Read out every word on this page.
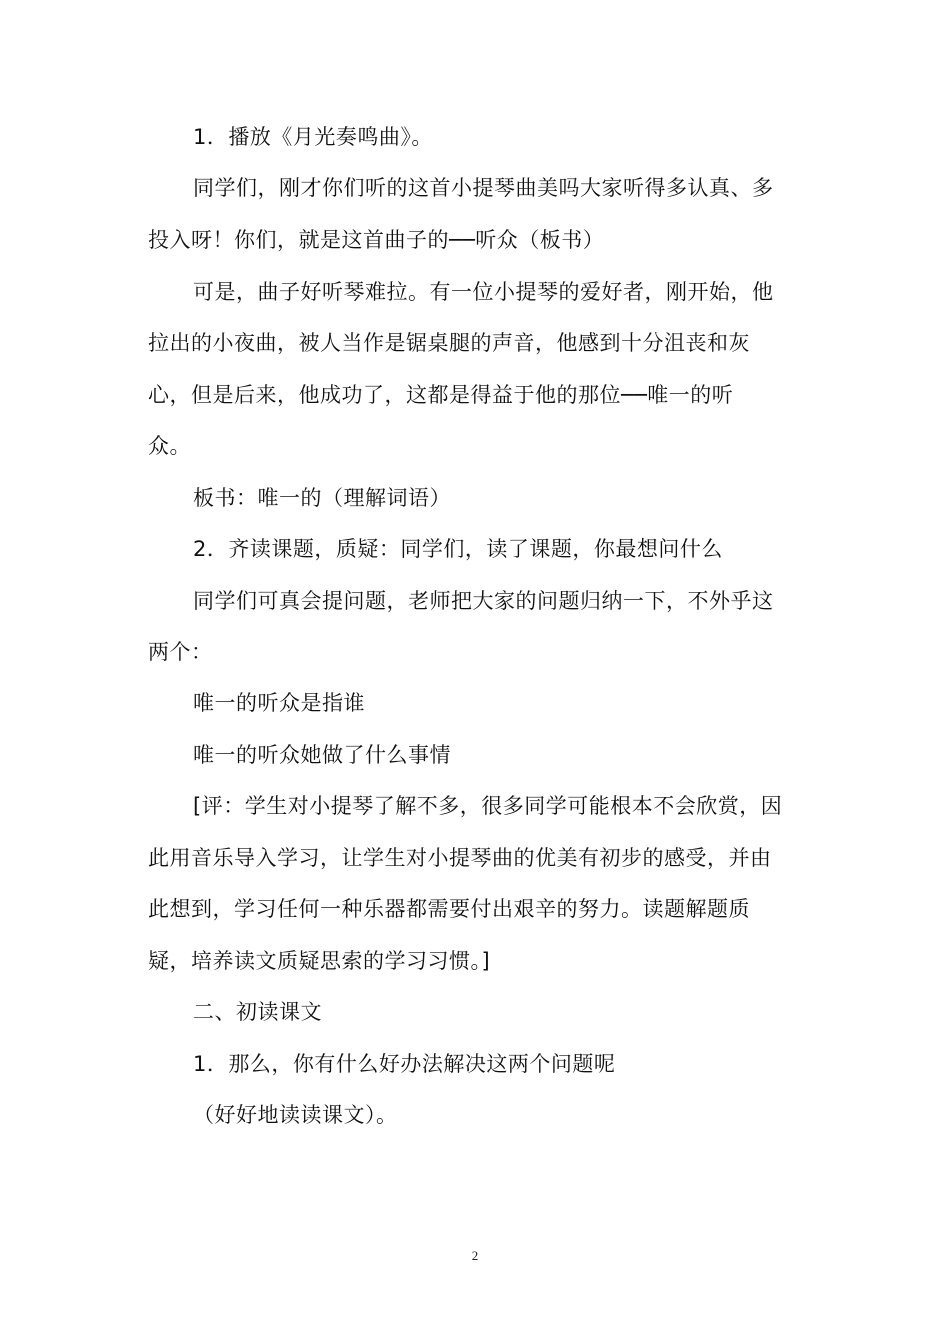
1．播放《月光奏鸣曲》。
同学们，刚才你们听的这首小提琴曲美吗大家听得多认真、多
投入呀！你们，就是这首曲子的──听众（板书）
可是，曲子好听琴难拉。有一位小提琴的爱好者，刚开始，他
拉出的小夜曲，被人当作是锯桌腿的声音，他感到十分沮丧和灰
心，但是后来，他成功了，这都是得益于他的那位──唯一的听
众。
板书：唯一的（理解词语）
2．齐读课题，质疑：同学们，读了课题，你最想问什么
同学们可真会提问题，老师把大家的问题归纳一下，不外乎这
两个：
唯一的听众是指谁
唯一的听众她做了什么事情
[评：学生对小提琴了解不多，很多同学可能根本不会欣赏，因
此用音乐导入学习，让学生对小提琴曲的优美有初步的感受，并由
此想到，学习任何一种乐器都需要付出艰辛的努力。读题解题质
疑，培养读文质疑思索的学习习惯。]
二、初读课文
1．那么，你有什么好办法解决这两个问题呢
（好好地读读课文）。
2
